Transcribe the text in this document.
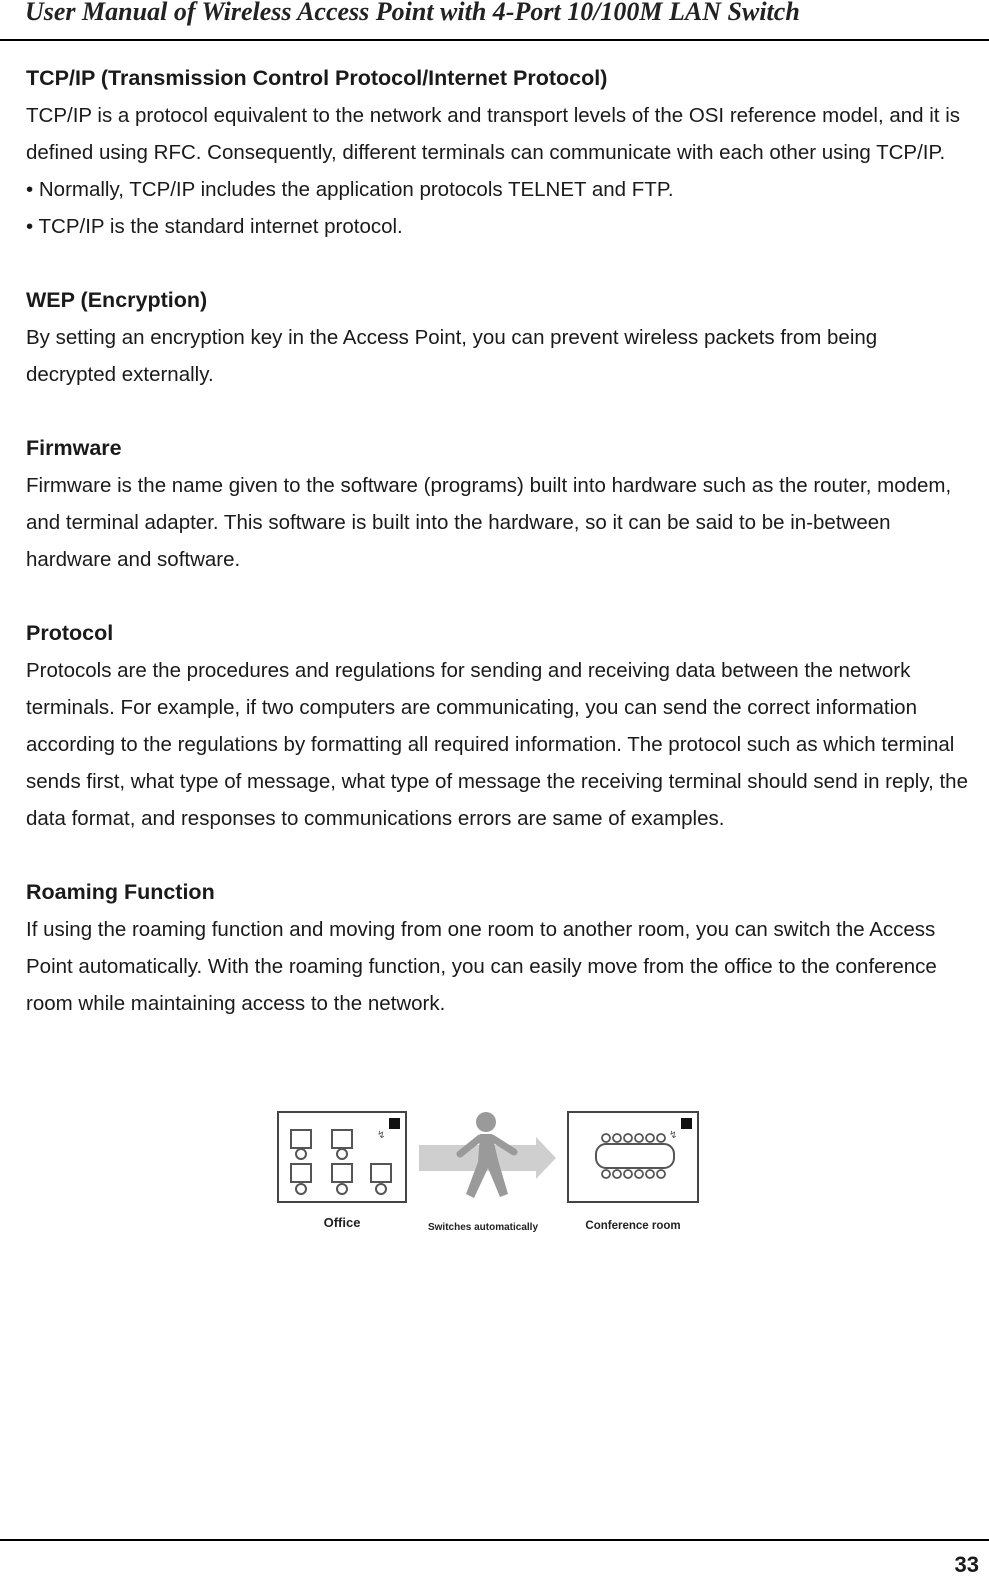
User Manual of Wireless Access Point with 4-Port 10/100M LAN Switch
TCP/IP (Transmission Control Protocol/Internet Protocol)

TCP/IP is a protocol equivalent to the network and transport levels of the OSI reference model, and it is defined using RFC. Consequently, different terminals can communicate with each other using TCP/IP.

• Normally, TCP/IP includes the application protocols TELNET and FTP.

• TCP/IP is the standard internet protocol.

WEP (Encryption)

By setting an encryption key in the Access Point, you can prevent wireless packets from being decrypted externally.

Firmware

Firmware is the name given to the software (programs) built into hardware such as the router, modem, and terminal adapter. This software is built into the hardware, so it can be said to be in-between hardware and software.

Protocol

Protocols are the procedures and regulations for sending and receiving data between the network terminals. For example, if two computers are communicating, you can send the correct information according to the regulations by formatting all required information. The protocol such as which terminal sends first, what type of message, what type of message the receiving terminal should send in reply, the data format, and responses to communications errors are same of examples.

Roaming Function

If using the roaming function and moving from one room to another room, you can switch the Access Point automatically. With the roaming function, you can easily move from the office to the conference room while maintaining access to the network.

↯
Office	Switches automatically
↯
Conference room
33
